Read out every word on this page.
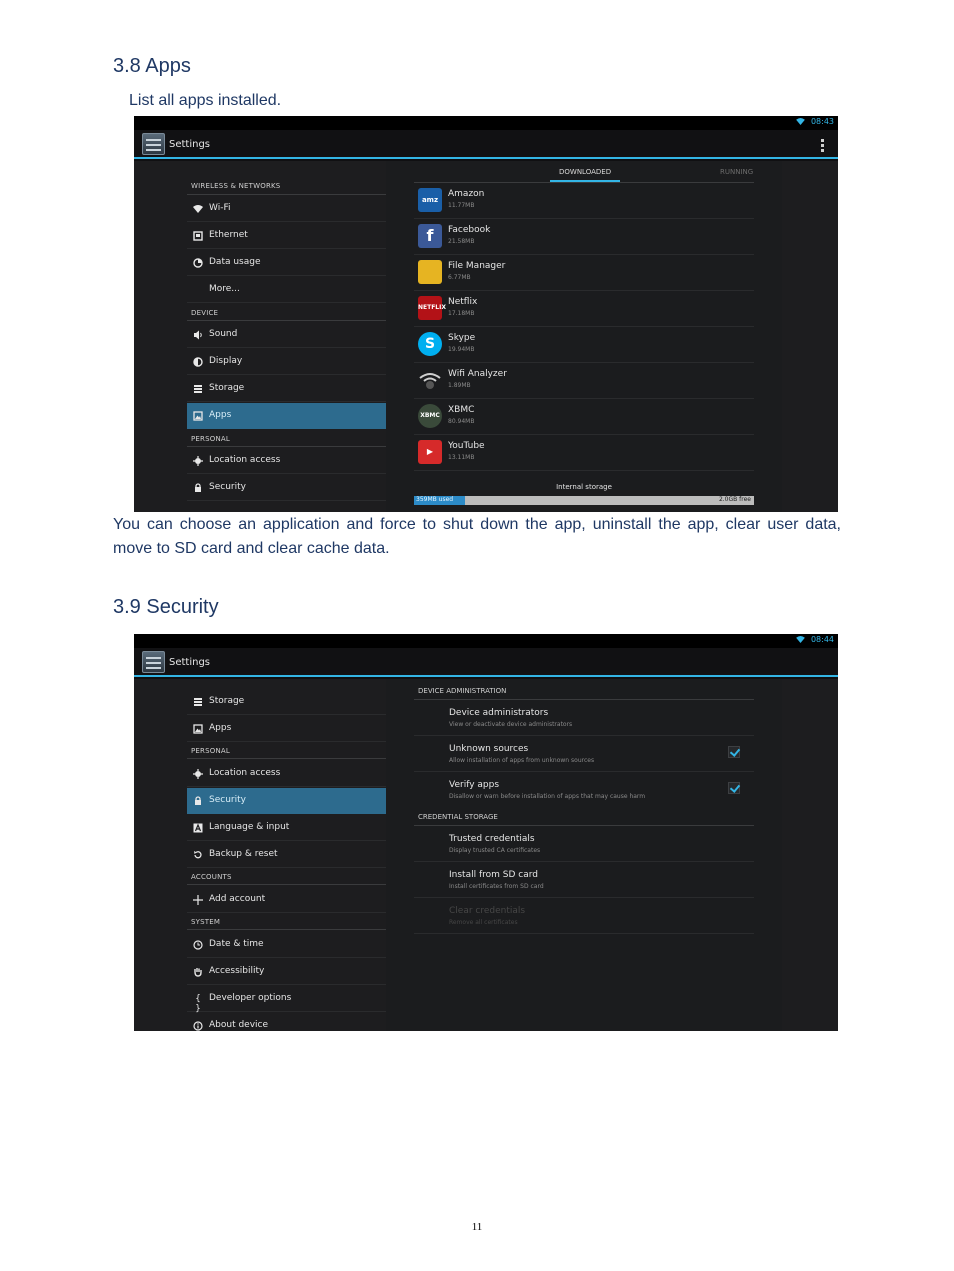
3.8 Apps
List all apps installed.
08:43
Settings
WIRELESS & NETWORKS
Wi-Fi
Ethernet
Data usage
More...
DEVICE
Sound
Display
Storage
Apps
PERSONAL
Location access
Security
DOWNLOADED	RUNNING
amz
Amazon
11.77MB
f	Facebook
21.58MB
File Manager
6.77MB
NETFLIX
Netflix
17.18MB
S	Skype
19.94MB
Wifi Analyzer
1.89MB
XBMC
XBMC
80.94MB
▶
YouTube
13.11MB
Internal storage
359MB used	2.0GB free
You can choose an application and force to shut down the app, uninstall the app, clear user data, move to SD card and clear cache data.
3.9 Security
08:44
Settings
Storage
Apps
PERSONAL
Location access
Security
Language & input
Backup & reset
ACCOUNTS
Add account
SYSTEM
Date & time
Accessibility
{ }
Developer options
About device
DEVICE ADMINISTRATION
Device administrators
View or deactivate device administrators
Unknown sources
Allow installation of apps from unknown sources
Verify apps
Disallow or warn before installation of apps that may cause harm
CREDENTIAL STORAGE
Trusted credentials
Display trusted CA certificates
Install from SD card
Install certificates from SD card
Clear credentials
Remove all certificates
11
